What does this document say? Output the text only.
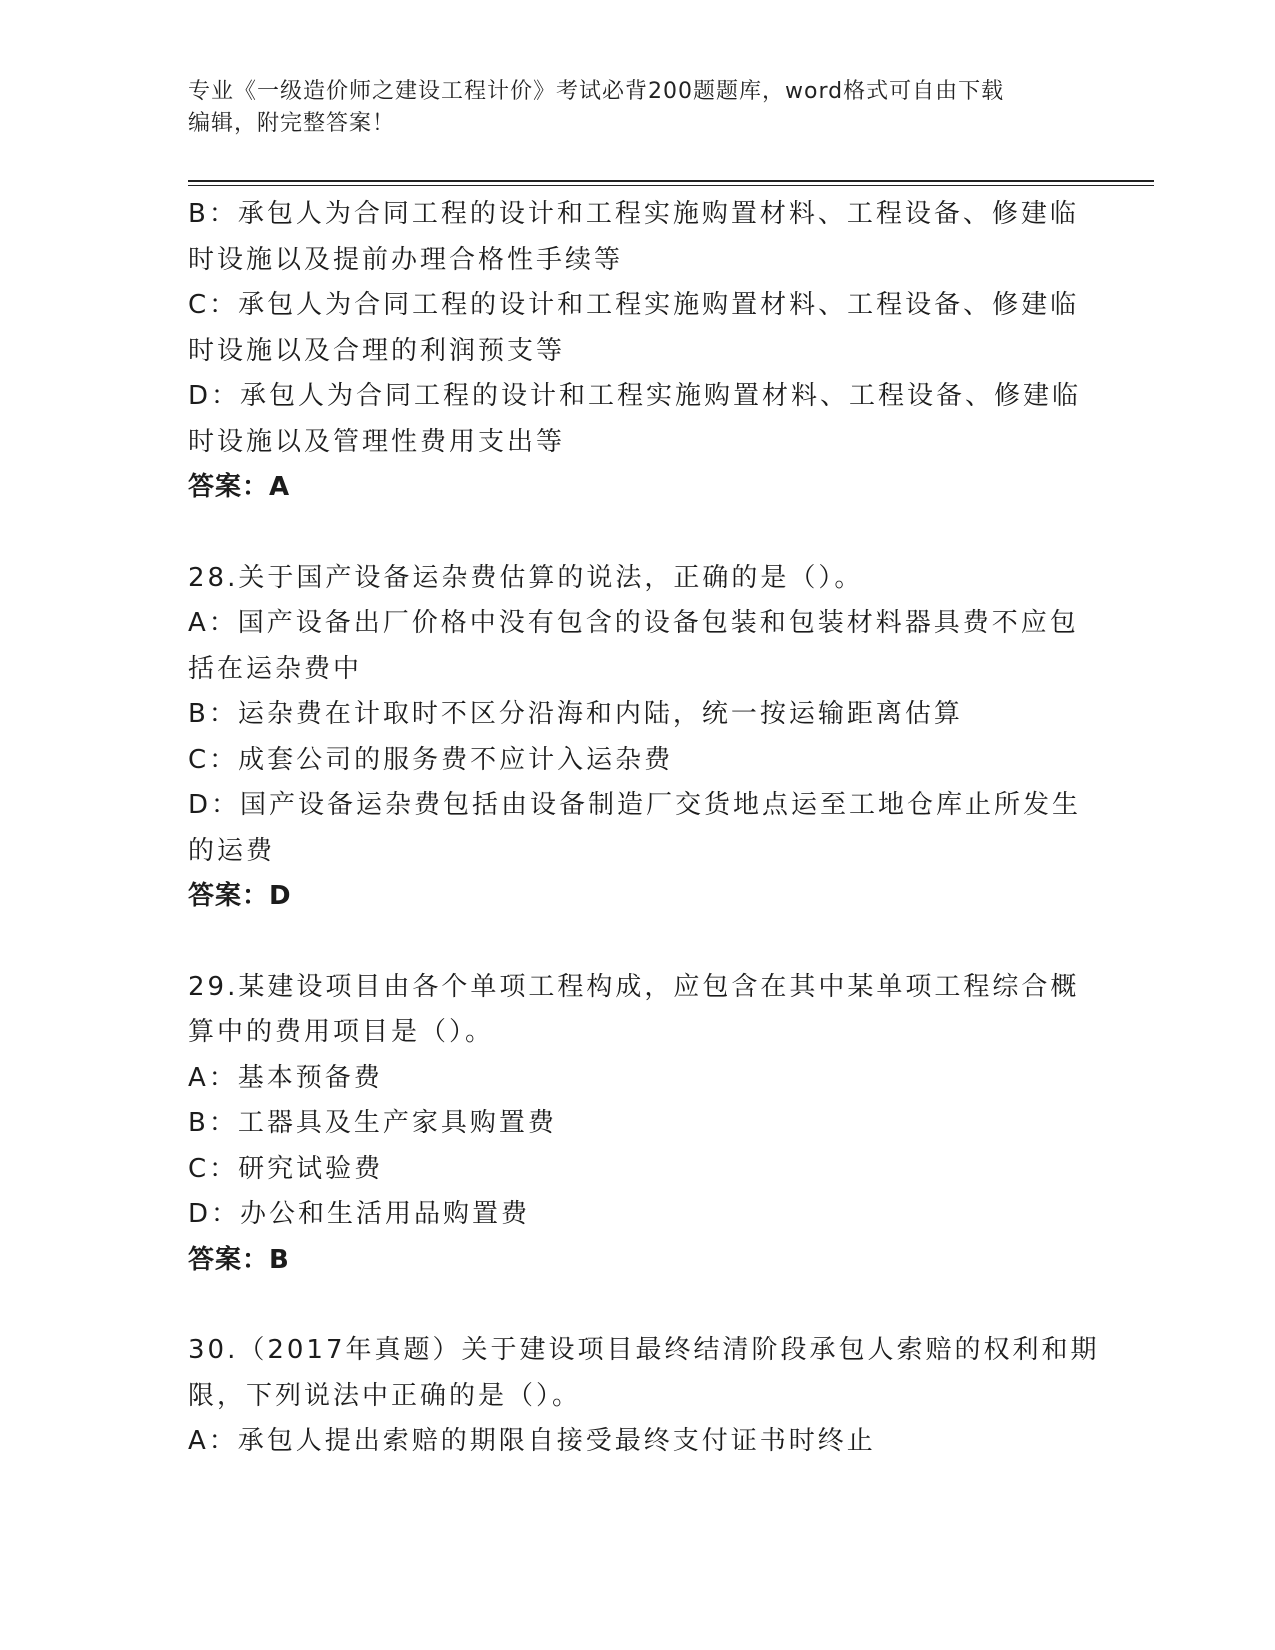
专业《一级造价师之建设工程计价》考试必背200题题库，word格式可自由下载
编辑，附完整答案！
B：承包人为合同工程的设计和工程实施购置材料、工程设备、修建临
时设施以及提前办理合格性手续等
C：承包人为合同工程的设计和工程实施购置材料、工程设备、修建临
时设施以及合理的利润预支等
D：承包人为合同工程的设计和工程实施购置材料、工程设备、修建临
时设施以及管理性费用支出等
答案：A
28.关于国产设备运杂费估算的说法，正确的是（）。
A：国产设备出厂价格中没有包含的设备包装和包装材料器具费不应包
括在运杂费中
B：运杂费在计取时不区分沿海和内陆，统一按运输距离估算
C：成套公司的服务费不应计入运杂费
D：国产设备运杂费包括由设备制造厂交货地点运至工地仓库止所发生
的运费
答案：D
29.某建设项目由各个单项工程构成，应包含在其中某单项工程综合概
算中的费用项目是（）。
A：基本预备费
B：工器具及生产家具购置费
C：研究试验费
D：办公和生活用品购置费
答案：B
30.（2017年真题）关于建设项目最终结清阶段承包人索赔的权利和期
限，下列说法中正确的是（）。
A：承包人提出索赔的期限自接受最终支付证书时终止
